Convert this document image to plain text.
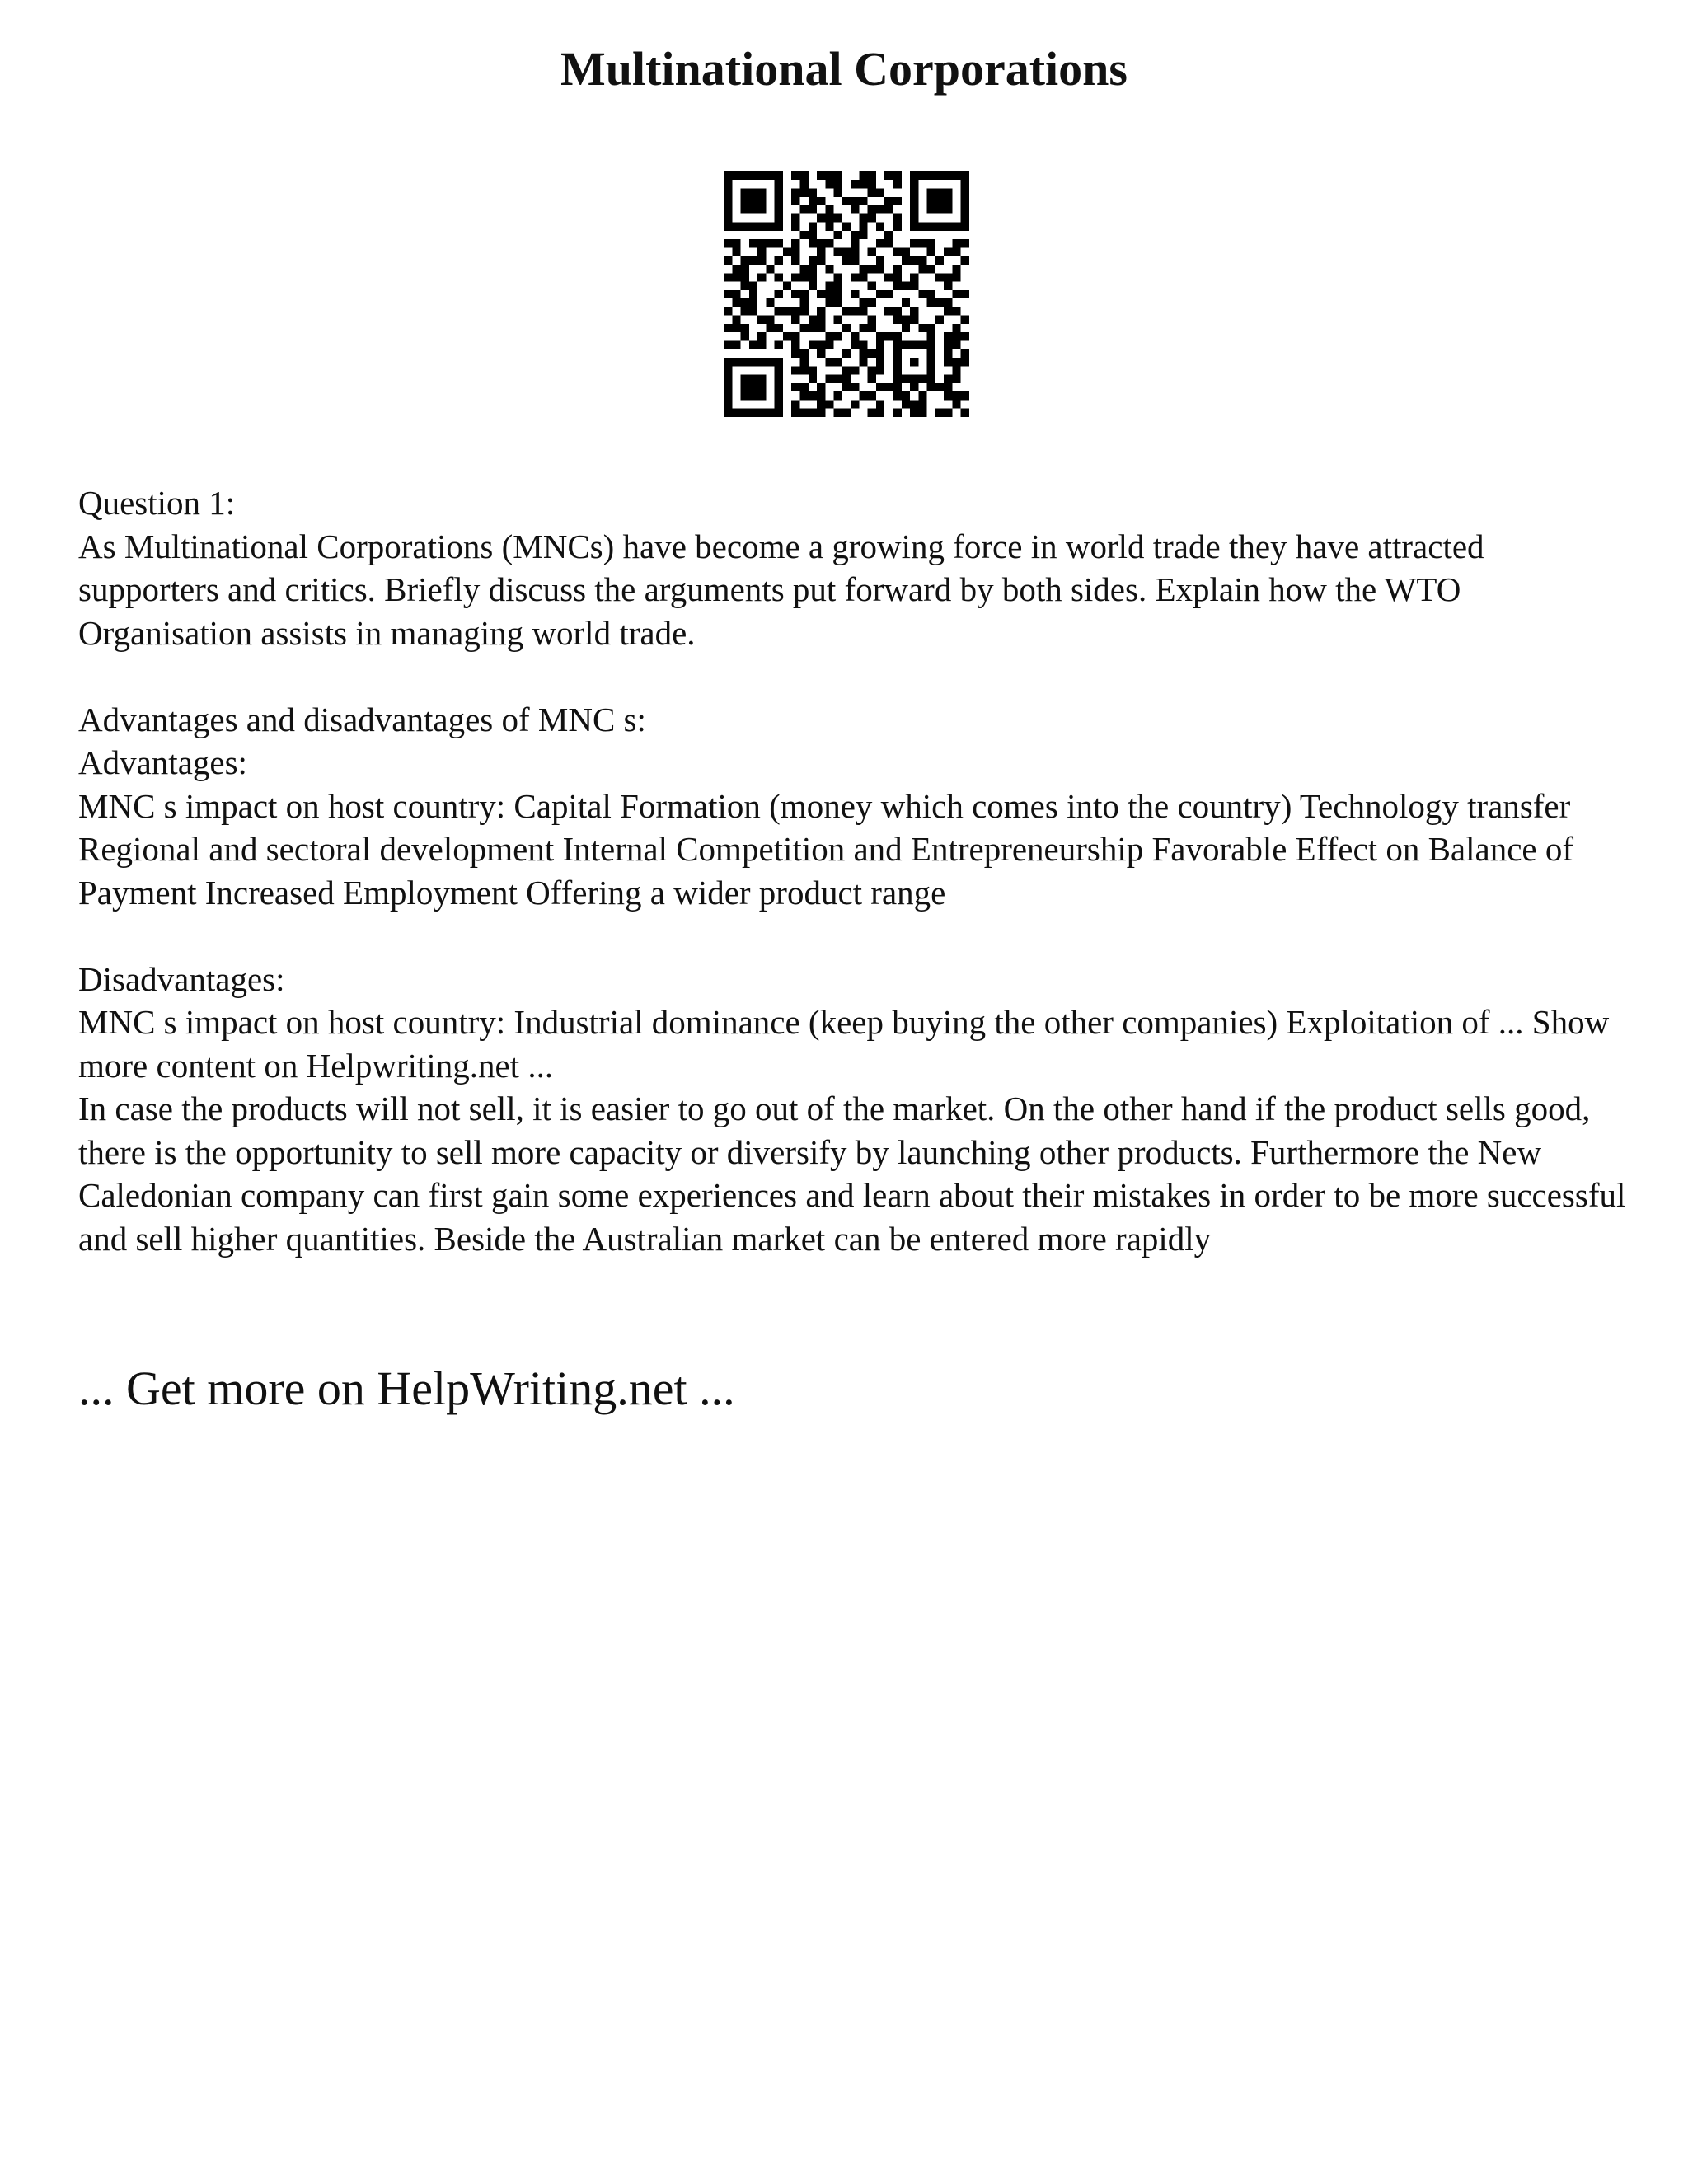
Multinational Corporations

Question 1:

As Multinational Corporations (MNCs) have become a growing force in world trade they have attracted supporters and critics. Briefly discuss the arguments put forward by both sides. Explain how the WTO Organisation assists in managing world trade.

Advantages and disadvantages of MNC s:

Advantages:

MNC s impact on host country: Capital Formation (money which comes into the country) Technology transfer Regional and sectoral development Internal Competition and Entrepreneurship Favorable Effect on Balance of Payment Increased Employment Offering a wider product range

Disadvantages:

MNC s impact on host country: Industrial dominance (keep buying the other companies) Exploitation of ... Show more content on Helpwriting.net ...

In case the products will not sell, it is easier to go out of the market. On the other hand if the product sells good, there is the opportunity to sell more capacity or diversify by launching other products. Furthermore the New Caledonian company can first gain some experiences and learn about their mistakes in order to be more successful and sell higher quantities. Beside the Australian market can be entered more rapidly

... Get more on HelpWriting.net ...
